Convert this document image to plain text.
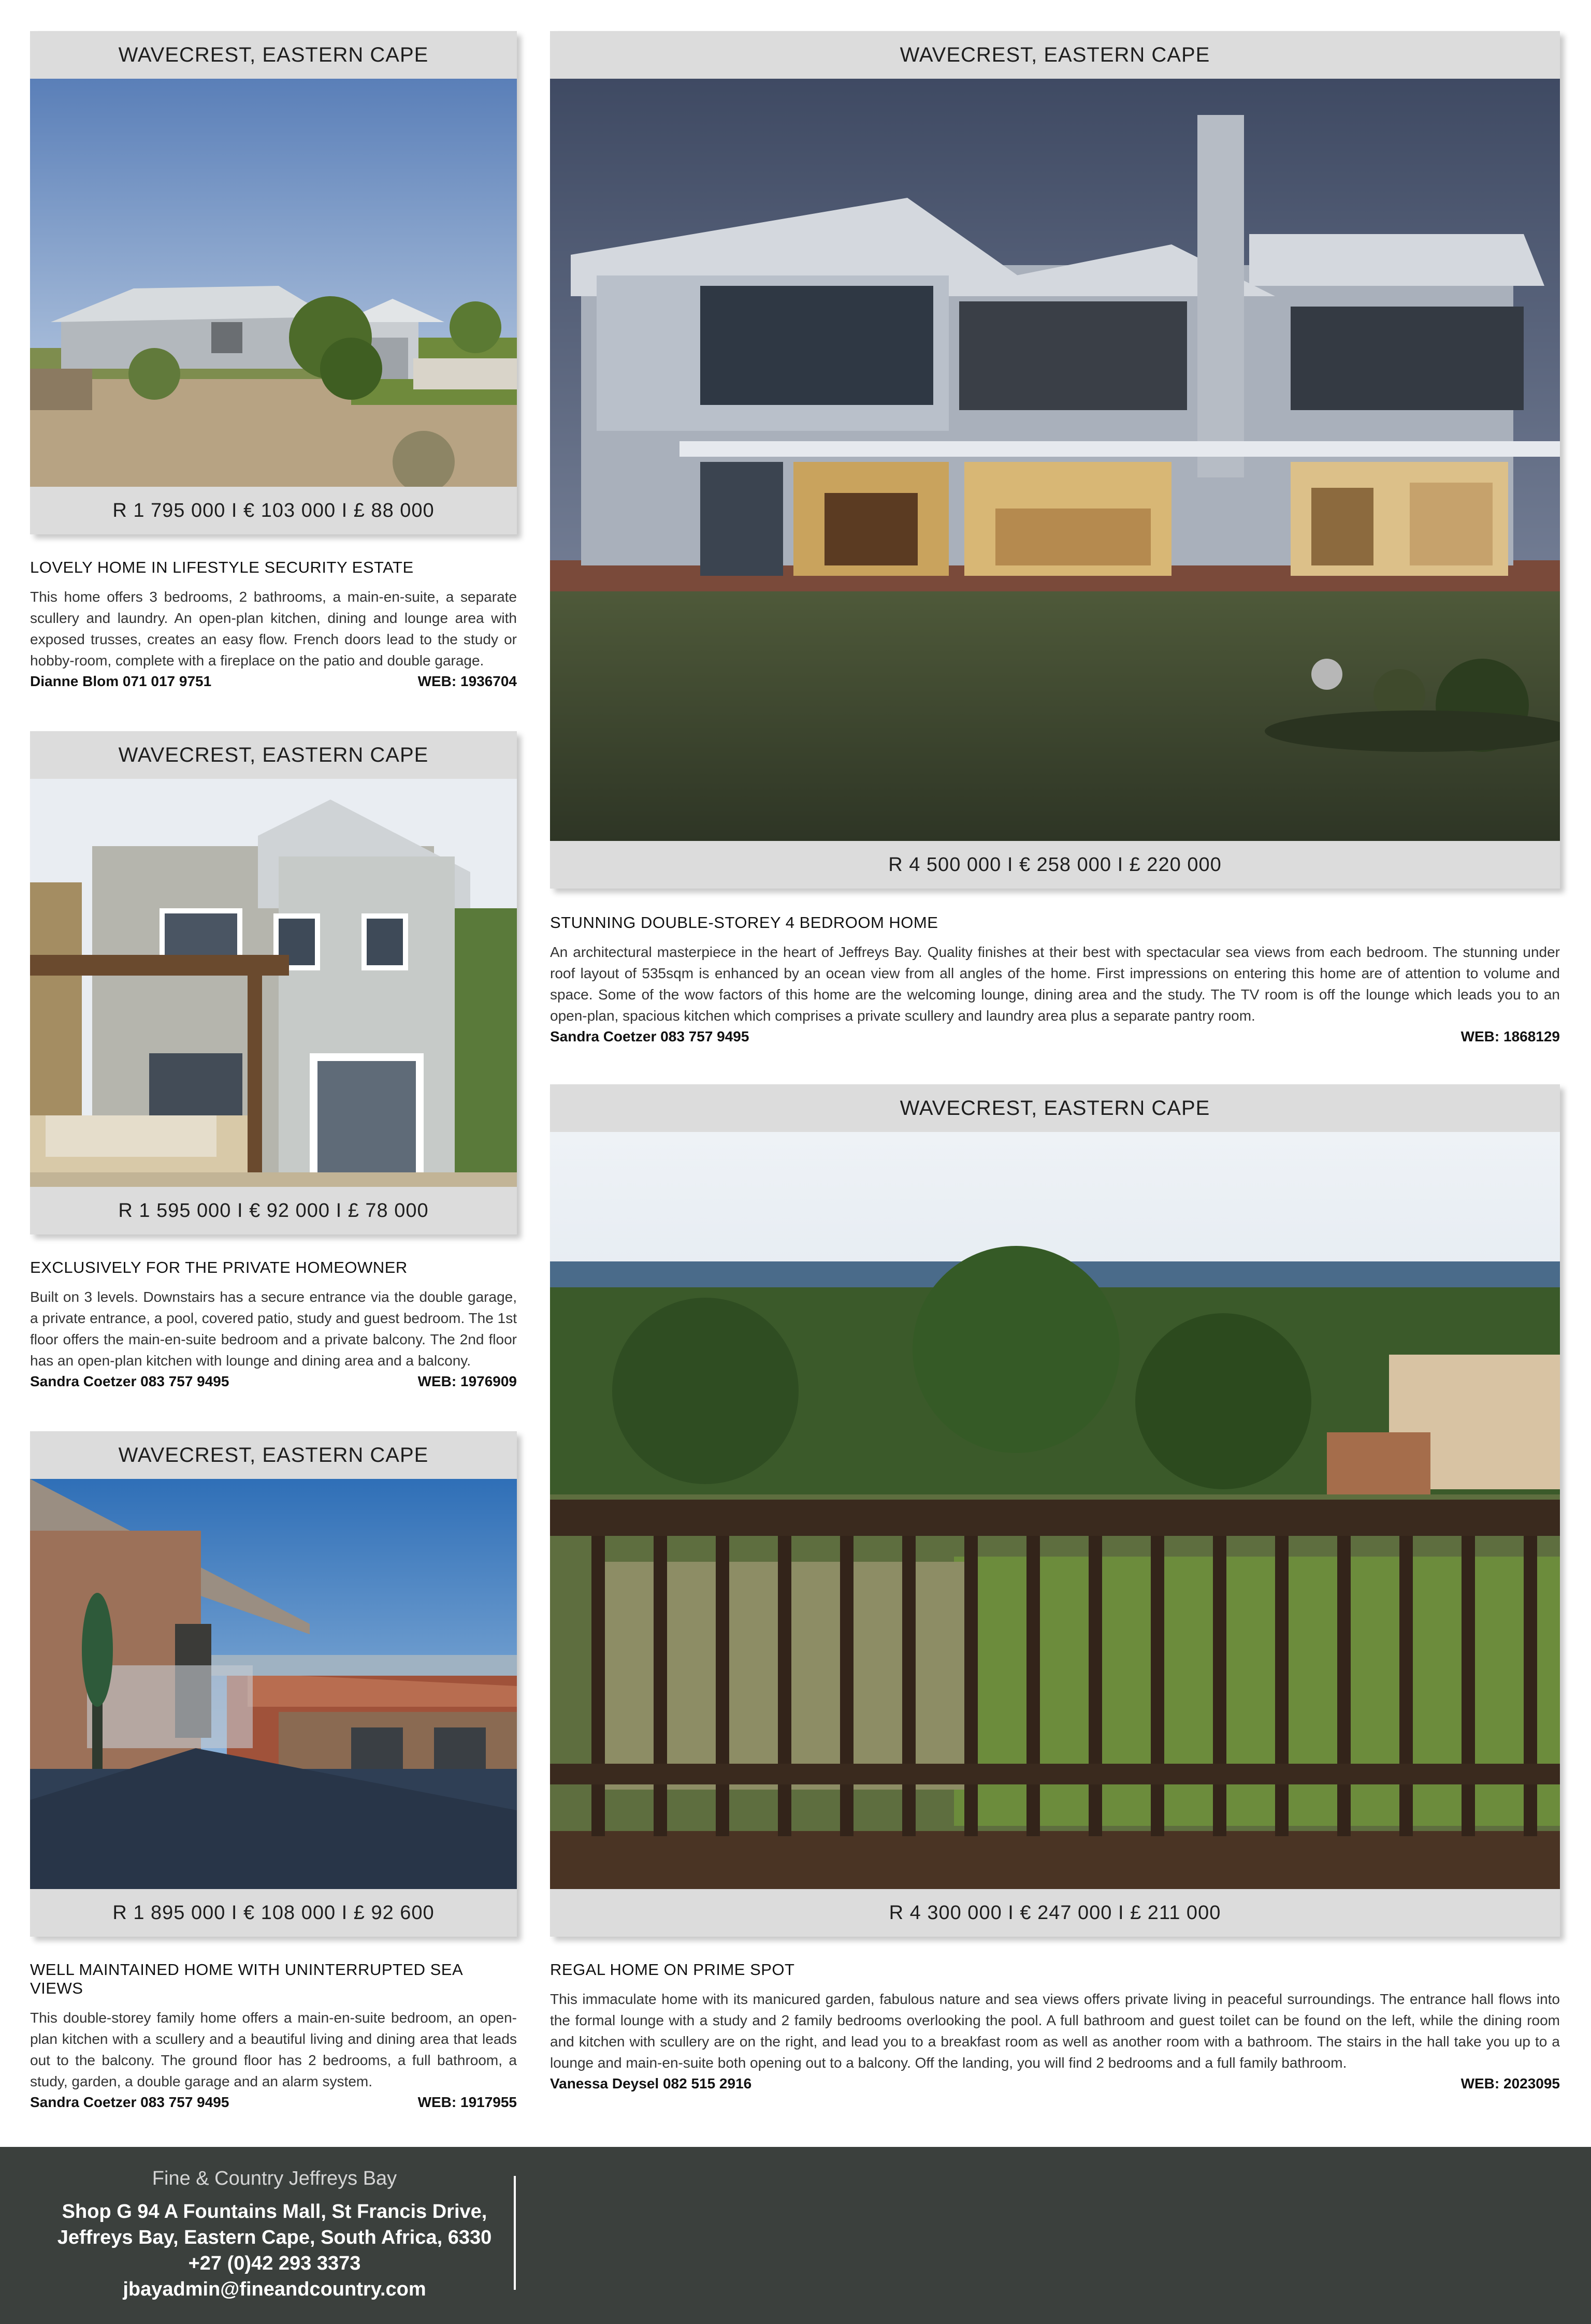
WAVECREST, EASTERN CAPE
R 1 795 000 I € 103 000 I £ 88 000

LOVELY HOME IN LIFESTYLE SECURITY ESTATE

This home offers 3 bedrooms, 2 bathrooms, a main-en-suite, a separate scullery and laundry. An open-plan kitchen, dining and lounge area with exposed trusses, creates an easy flow. French doors lead to the study or hobby-room, complete with a fireplace on the patio and double garage.

Dianne Blom 071 017 9751	WEB: 1936704
WAVECREST, EASTERN CAPE
R 4 500 000 I € 258 000 I £ 220 000

STUNNING DOUBLE-STOREY 4 BEDROOM HOME

An architectural masterpiece in the heart of Jeffreys Bay. Quality finishes at their best with spectacular sea views from each bedroom. The stunning under roof layout of 535sqm is enhanced by an ocean view from all angles of the home. First impressions on entering this home are of attention to volume and space. Some of the wow factors of this home are the welcoming lounge, dining area and the study. The TV room is off the lounge which leads you to an open-plan, spacious kitchen which comprises a private scullery and laundry area plus a separate pantry room.

Sandra Coetzer 083 757 9495	WEB: 1868129
WAVECREST, EASTERN CAPE
R 1 595 000 I € 92 000 I £ 78 000

EXCLUSIVELY FOR THE PRIVATE HOMEOWNER

Built on 3 levels. Downstairs has a secure entrance via the double garage, a private entrance, a pool, covered patio, study and guest bedroom. The 1st floor offers the main-en-suite bedroom and a private balcony. The 2nd floor has an open-plan kitchen with lounge and dining area and a balcony.

Sandra Coetzer 083 757 9495	WEB: 1976909
WAVECREST, EASTERN CAPE
R 4 300 000 I € 247 000 I £ 211 000

REGAL HOME ON PRIME SPOT

This immaculate home with its manicured garden, fabulous nature and sea views offers private living in peaceful surroundings. The entrance hall flows into the formal lounge with a study and 2 family bedrooms overlooking the pool. A full bathroom and guest toilet can be found on the left, while the dining room and kitchen with scullery are on the right, and lead you to a breakfast room as well as another room with a bathroom. The stairs in the hall take you up to a lounge and main-en-suite both opening out to a balcony. Off the landing, you will find 2 bedrooms and a full family bathroom.

Vanessa Deysel 082 515 2916	WEB: 2023095
WAVECREST, EASTERN CAPE
R 1 895 000 I € 108 000 I £ 92 600

WELL MAINTAINED HOME WITH UNINTERRUPTED SEA VIEWS

This double-storey family home offers a main-en-suite bedroom, an open-plan kitchen with a scullery and a beautiful living and dining area that leads out to the balcony. The ground floor has 2 bedrooms, a full bathroom, a study, garden, a double garage and an alarm system.

Sandra Coetzer 083 757 9495	WEB: 1917955
Fine & Country Jeffreys Bay
Shop G 94 A Fountains Mall, St Francis Drive,
Jeffreys Bay, Eastern Cape, South Africa, 6330
+27 (0)42 293 3373
jbayadmin@fineandcountry.com
